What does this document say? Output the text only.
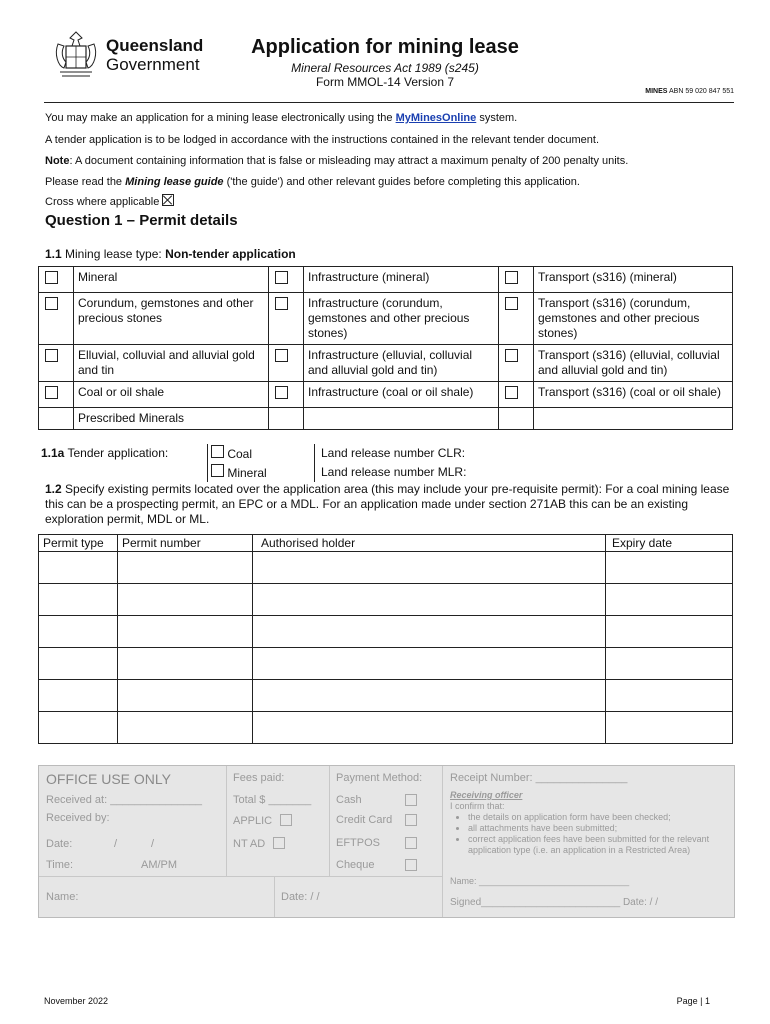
Queensland
Government
Application for mining lease
Mineral Resources Act 1989 (s245)
Form MMOL-14 Version 7
MINES ABN 59 020 847 551
You may make an application for a mining lease electronically using the MyMinesOnline system.
A tender application is to be lodged in accordance with the instructions contained in the relevant tender document.
Note: A document containing information that is false or misleading may attract a maximum penalty of 200 penalty units.
Please read the Mining lease guide ('the guide') and other relevant guides before completing this application.
Cross where applicable
Question 1 – Permit details
1.1 Mining lease type: Non-tender application
	Mineral		Infrastructure (mineral)		Transport (s316) (mineral)
	Corundum, gemstones and other precious stones		Infrastructure (corundum, gemstones and other precious stones)		Transport (s316) (corundum, gemstones and other precious stones)
	Elluvial, colluvial and alluvial gold and tin		Infrastructure (elluvial, colluvial and alluvial gold and tin)		Transport (s316) (elluvial, colluvial and alluvial gold and tin)
	Coal or oil shale		Infrastructure (coal or oil shale)		Transport (s316) (coal or oil shale)
	Prescribed Minerals				
1.1a Tender application:	Coal	Land release number CLR:
	Mineral	Land release number MLR:
1.2 Specify existing permits located over the application area (this may include your pre-requisite permit): For a coal mining lease this can be a prospecting permit, an EPC or a MDL. For an application made under section 271AB this can be an existing exploration permit, MDL or ML.
Permit type	Permit number	Authorised holder	Expiry date

OFFICE USE ONLY
Received at: _______________
Received by:
Date:	/	/
Time:	AM/PM
Fees paid:
Total $ _______
APPLIC
NT AD
Payment Method:
Cash
Credit Card
EFTPOS
Cheque
Receipt Number: _______________
Receiving officer
I confirm that:
• the details on application form have been checked;
• all attachments have been submitted;
• correct application fees have been submitted for the relevant application type (i.e. an application in a Restricted Area)
Name: ______________________________
Signed_________________________ Date: / /
Name:	Date: / /
November 2022	Page | 1
